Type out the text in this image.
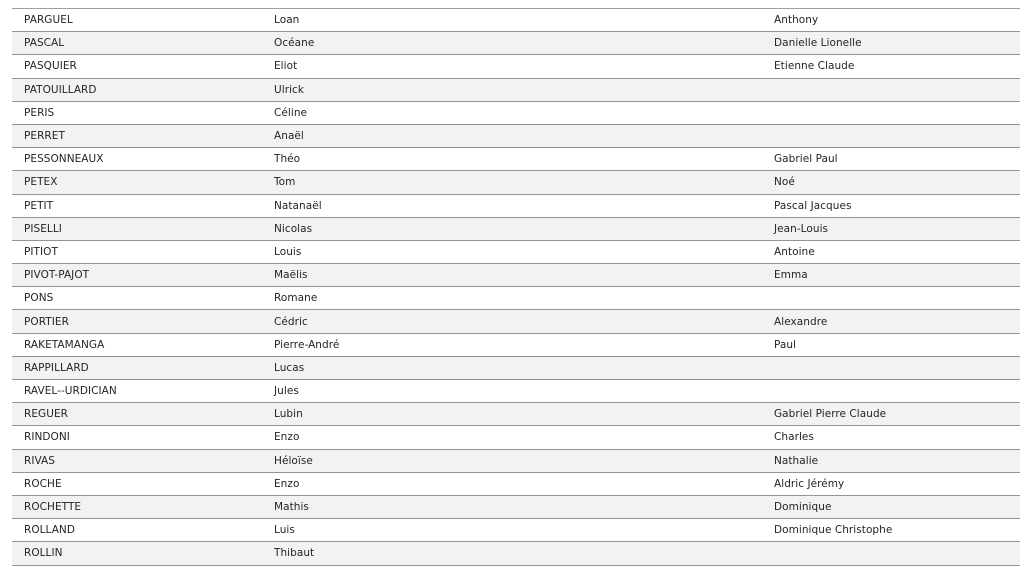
PARGUEL	Loan	Anthony
PASCAL	Océane	Danielle Lionelle
PASQUIER	Eliot	Etienne Claude
PATOUILLARD	Ulrick	
PERIS	Céline	
PERRET	Anaël	
PESSONNEAUX	Théo	Gabriel Paul
PETEX	Tom	Noé
PETIT	Natanaël	Pascal Jacques
PISELLI	Nicolas	Jean-Louis
PITIOT	Louis	Antoine
PIVOT-PAJOT	Maëlis	Emma
PONS	Romane	
PORTIER	Cédric	Alexandre
RAKETAMANGA	Pierre-André	Paul
RAPPILLARD	Lucas	
RAVEL--URDICIAN	Jules	
REGUER	Lubin	Gabriel Pierre Claude
RINDONI	Enzo	Charles
RIVAS	Héloïse	Nathalie
ROCHE	Enzo	Aldric Jérémy
ROCHETTE	Mathis	Dominique
ROLLAND	Luis	Dominique Christophe
ROLLIN	Thibaut	
